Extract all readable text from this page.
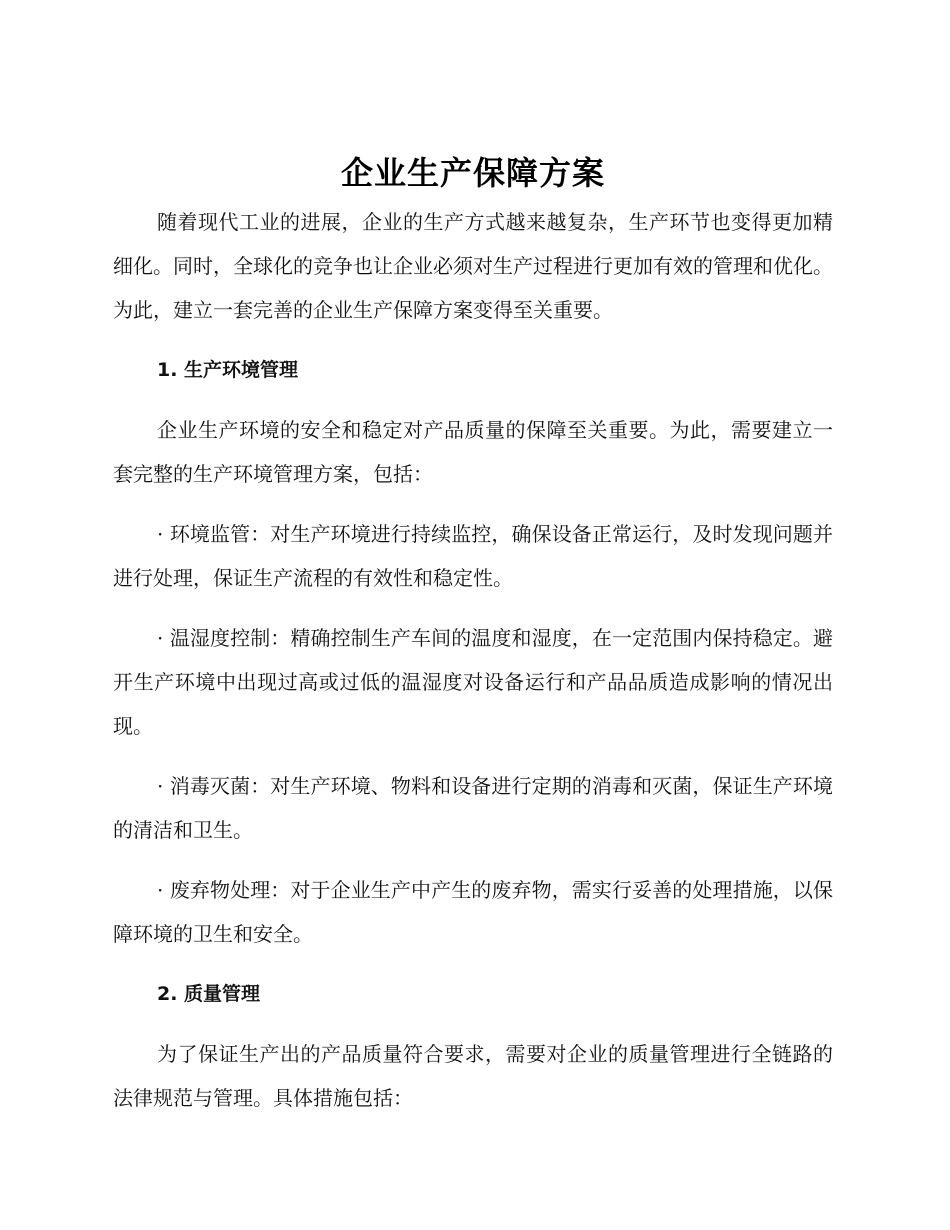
企业生产保障方案

随着现代工业的进展，企业的生产方式越来越复杂，生产环节也变得更加精细化。同时，全球化的竞争也让企业必须对生产过程进行更加有效的管理和优化。为此，建立一套完善的企业生产保障方案变得至关重要。

1. 生产环境管理

企业生产环境的安全和稳定对产品质量的保障至关重要。为此，需要建立一套完整的生产环境管理方案，包括：

· 环境监管：对生产环境进行持续监控，确保设备正常运行，及时发现问题并进行处理，保证生产流程的有效性和稳定性。

· 温湿度控制：精确控制生产车间的温度和湿度，在一定范围内保持稳定。避开生产环境中出现过高或过低的温湿度对设备运行和产品品质造成影响的情况出现。

· 消毒灭菌：对生产环境、物料和设备进行定期的消毒和灭菌，保证生产环境的清洁和卫生。

· 废弃物处理：对于企业生产中产生的废弃物，需实行妥善的处理措施，以保障环境的卫生和安全。

2. 质量管理

为了保证生产出的产品质量符合要求，需要对企业的质量管理进行全链路的法律规范与管理。具体措施包括：
